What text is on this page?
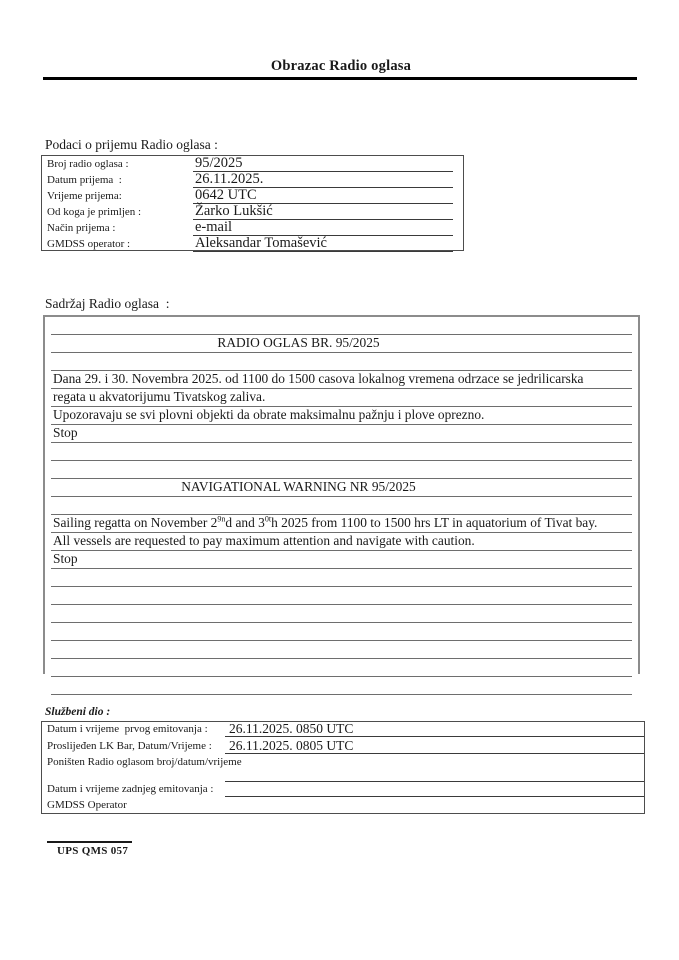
Obrazac Radio oglasa
Podaci o prijemu Radio oglasa :
Broj radio oglasa :	95/2025
Datum prijema  :	26.11.2025.
Vrijeme prijema:	0642 UTC
Od koga je primljen :	Žarko Lukšić
Način prijema :	e-mail
GMDSS operator :	Aleksandar Tomašević
Sadržaj Radio oglasa  :
RADIO OGLAS BR. 95/2025
Dana 29. i 30. Novembra 2025. od 1100 do 1500 casova lokalnog vremena odrzace se jedrilicarska
regata u akvatorijumu Tivatskog zaliva.
Upozoravaju se svi plovni objekti da obrate maksimalnu pažnju i plove oprezno.
Stop
NAVIGATIONAL WARNING NR 95/2025
Sailing regatta on November $2^{9n}d$ and $3^{0t}h$ 2025 from 1100 to 1500 hrs LT in aquatorium of Tivat bay.
All vessels are requested to pay maximum attention and navigate with caution.
Stop
Službeni dio :
Datum i vrijeme  prvog emitovanja :	26.11.2025. 0850 UTC
Proslijeđen LK Bar, Datum/Vrijeme :	26.11.2025. 0805 UTC
Poništen Radio oglasom broj/datum/vrijeme
Datum i vrijeme zadnjeg emitovanja :
GMDSS Operator
UPS QMS 057
